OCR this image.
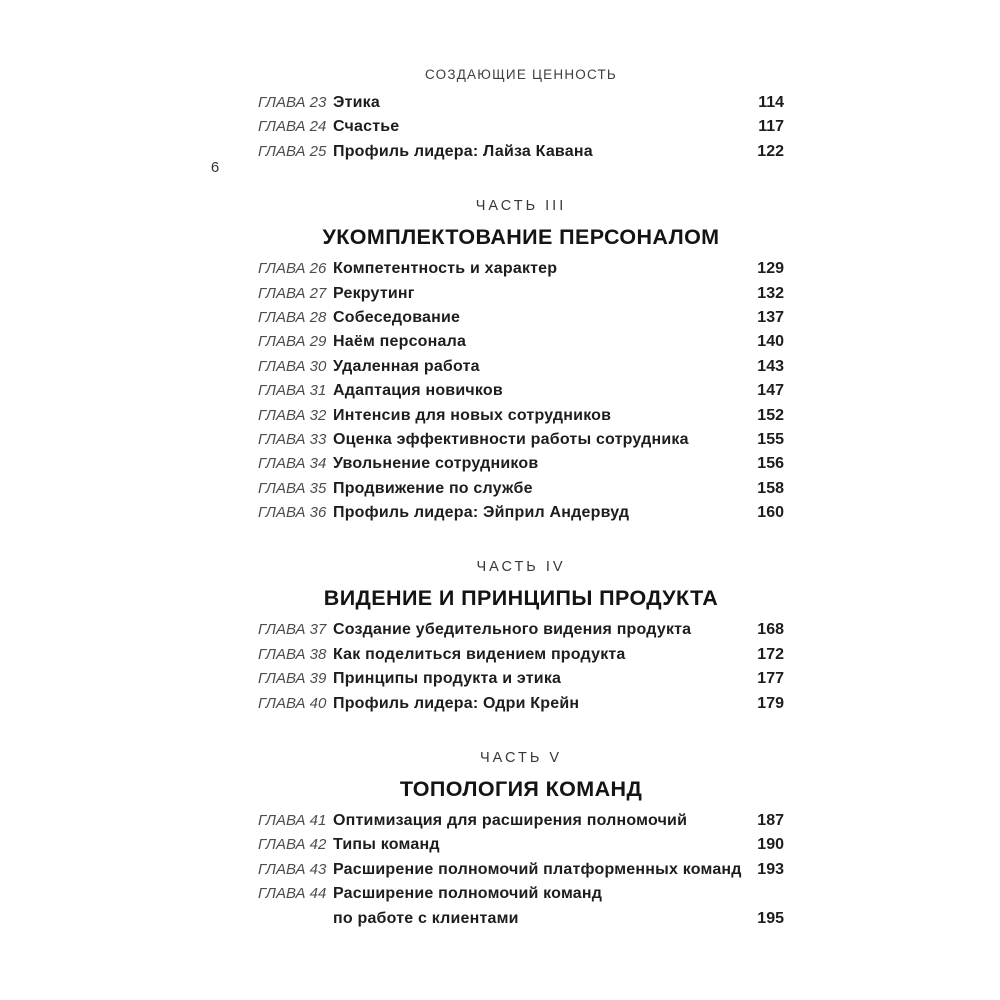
СОЗДАЮЩИЕ ЦЕННОСТЬ
6
ГЛАВА 23 Этика	114
ГЛАВА 24 Счастье	117
ГЛАВА 25 Профиль лидера: Лайза Кавана	122
ЧАСТЬ III
УКОМПЛЕКТОВАНИЕ ПЕРСОНАЛОМ
ГЛАВА 26 Компетентность и характер	129
ГЛАВА 27 Рекрутинг	132
ГЛАВА 28 Собеседование	137
ГЛАВА 29 Наём персонала	140
ГЛАВА 30 Удаленная работа	143
ГЛАВА 31 Адаптация новичков	147
ГЛАВА 32 Интенсив для новых сотрудников	152
ГЛАВА 33 Оценка эффективности работы сотрудника	155
ГЛАВА 34 Увольнение сотрудников	156
ГЛАВА 35 Продвижение по службе	158
ГЛАВА 36 Профиль лидера: Эйприл Андервуд	160
ЧАСТЬ IV
ВИДЕНИЕ И ПРИНЦИПЫ ПРОДУКТА
ГЛАВА 37 Создание убедительного видения продукта	168
ГЛАВА 38 Как поделиться видением продукта	172
ГЛАВА 39 Принципы продукта и этика	177
ГЛАВА 40 Профиль лидера: Одри Крейн	179
ЧАСТЬ V
ТОПОЛОГИЯ КОМАНД
ГЛАВА 41 Оптимизация для расширения полномочий	187
ГЛАВА 42 Типы команд	190
ГЛАВА 43 Расширение полномочий платформенных команд 193
ГЛАВА 44 Расширение полномочий команд
по работе с клиентами	195
